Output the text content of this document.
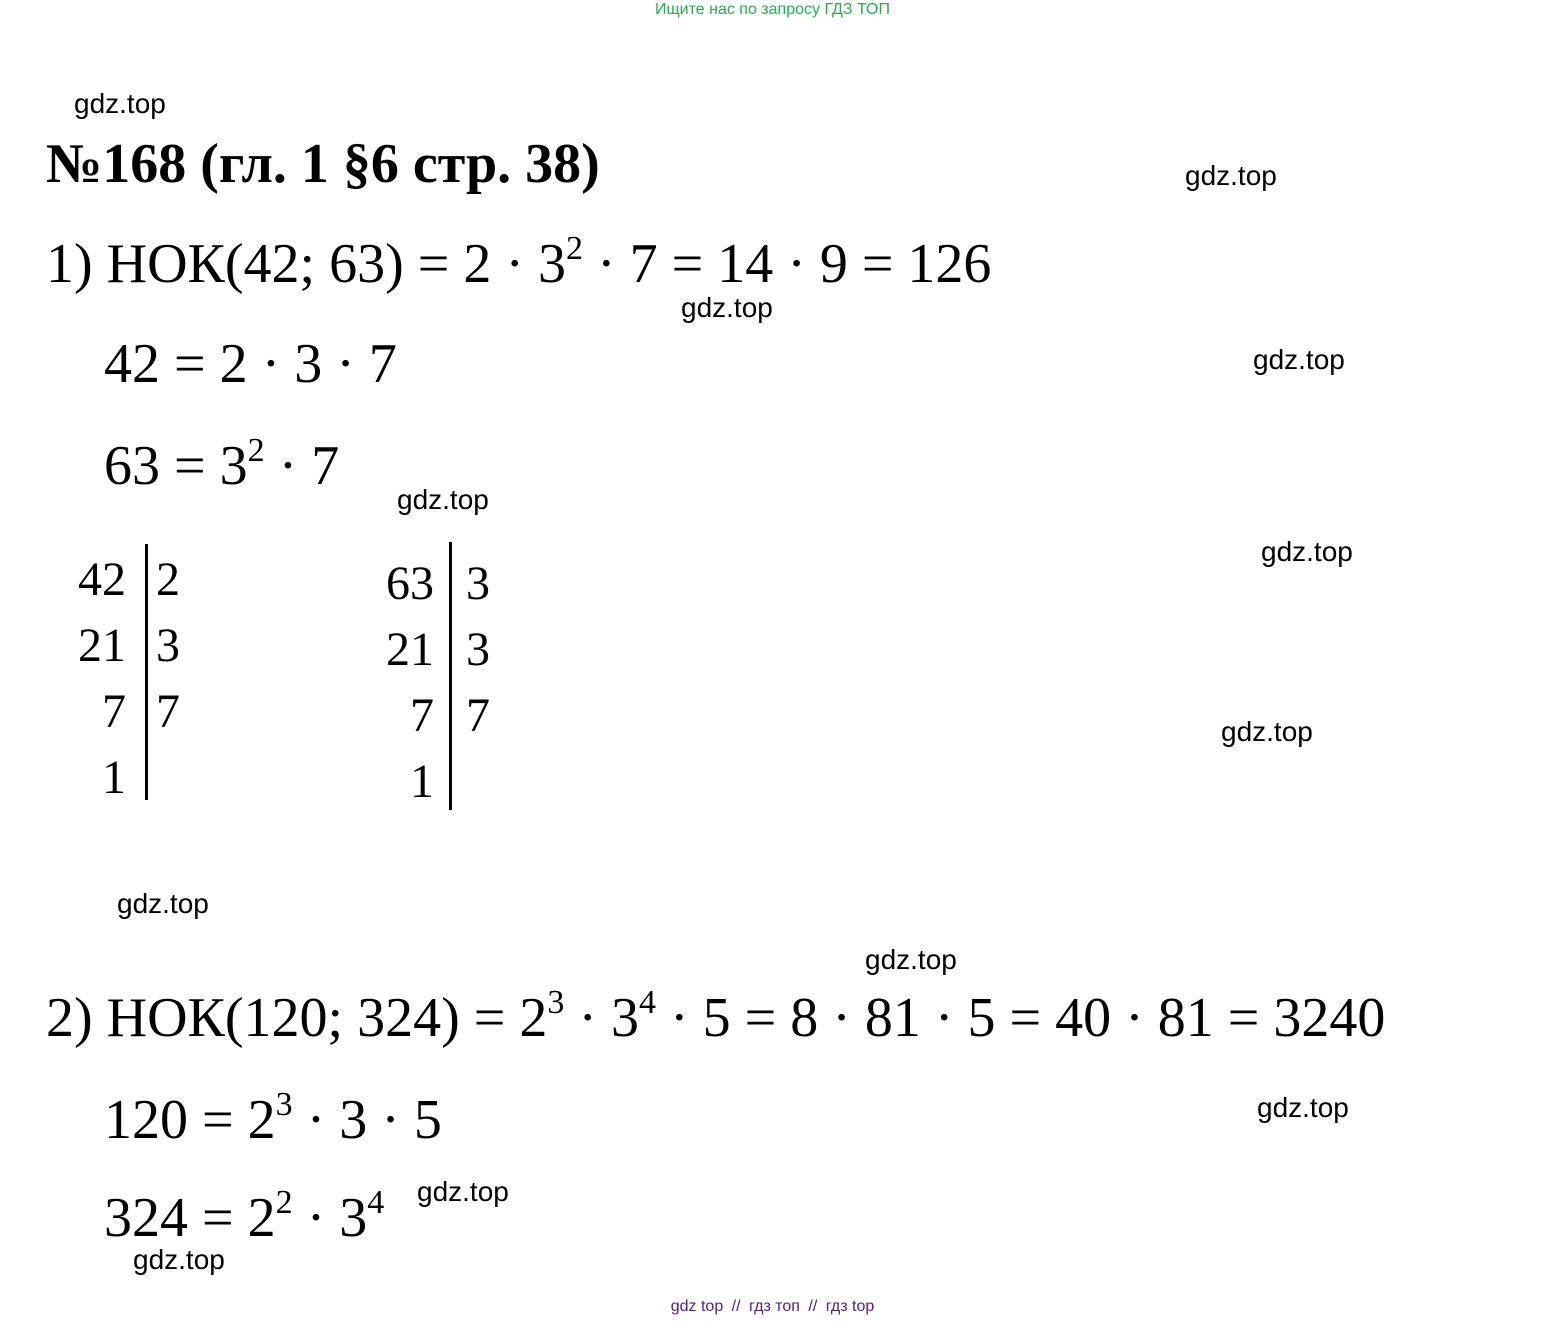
Ищите нас по запросу ГДЗ ТОП
gdz.top
gdz.top
gdz.top
gdz.top
gdz.top
gdz.top
gdz.top
gdz.top
gdz.top
gdz.top
gdz.top
gdz.top
№168 (гл. 1 §6 стр. 38)
1) НОК(42; $63) = 2 \cdot 3^2 \cdot 7 = 14 \cdot 9 = 126$
42 = 2 · 3 · 7
$63 = 3^2 \cdot 7$
42 2
21 3
7 7
1
63 3
21 3
7 7
1
2) НОК(120; $324) = 2^3 \cdot 3^4 \cdot 5 = 8 \cdot 81 \cdot 5 = 40 \cdot 81 = 3240$
$120 = 2^3 \cdot 3 \cdot 5$
$324 = 2^2 \cdot 3^4$
gdz top // гдз топ // гдз top
